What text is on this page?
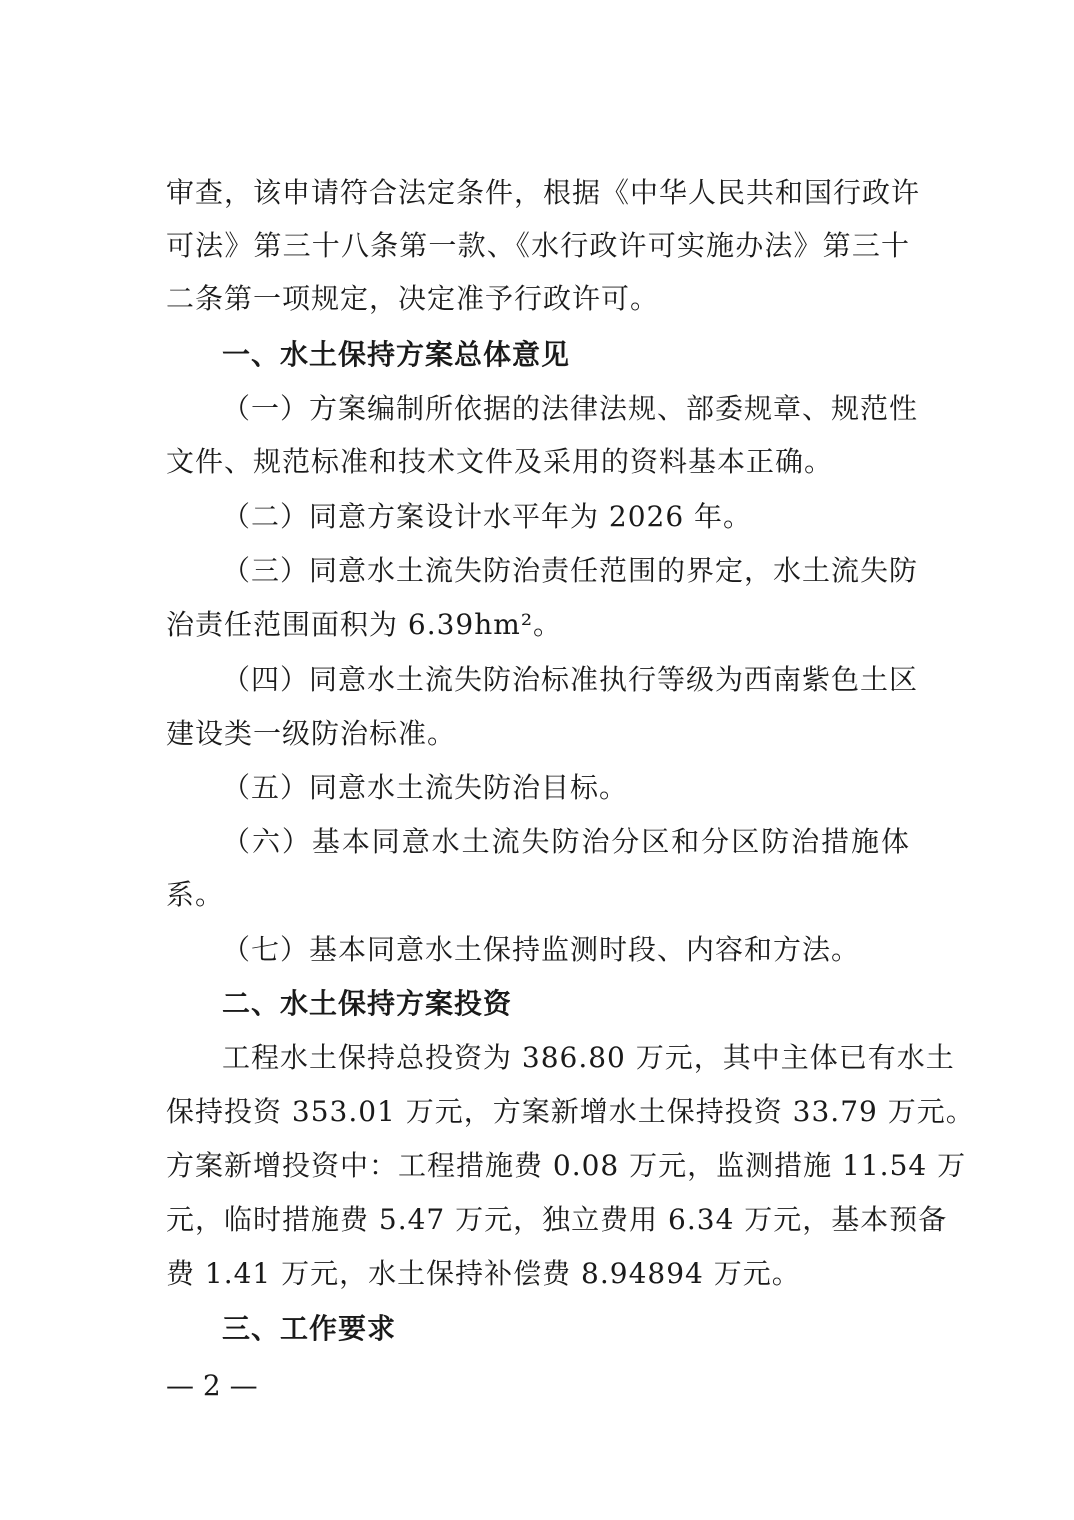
审查，该申请符合法定条件，根据《中华人民共和国行政许
可法》第三十八条第一款、《水行政许可实施办法》第三十
二条第一项规定，决定准予行政许可。
一、水土保持方案总体意见
（一）方案编制所依据的法律法规、部委规章、规范性
文件、规范标准和技术文件及采用的资料基本正确。
（二）同意方案设计水平年为 2026 年。
（三）同意水土流失防治责任范围的界定，水土流失防
治责任范围面积为 6.39hm²。
（四）同意水土流失防治标准执行等级为西南紫色土区
建设类一级防治标准。
（五）同意水土流失防治目标。
（六）基本同意水土流失防治分区和分区防治措施体
系。
（七）基本同意水土保持监测时段、内容和方法。
二、水土保持方案投资
工程水土保持总投资为 386.80 万元，其中主体已有水土
保持投资 353.01 万元，方案新增水土保持投资 33.79 万元。
方案新增投资中：工程措施费 0.08 万元，监测措施 11.54 万
元，临时措施费 5.47 万元，独立费用 6.34 万元，基本预备
费 1.41 万元，水土保持补偿费 8.94894 万元。
三、工作要求
— 2 —
